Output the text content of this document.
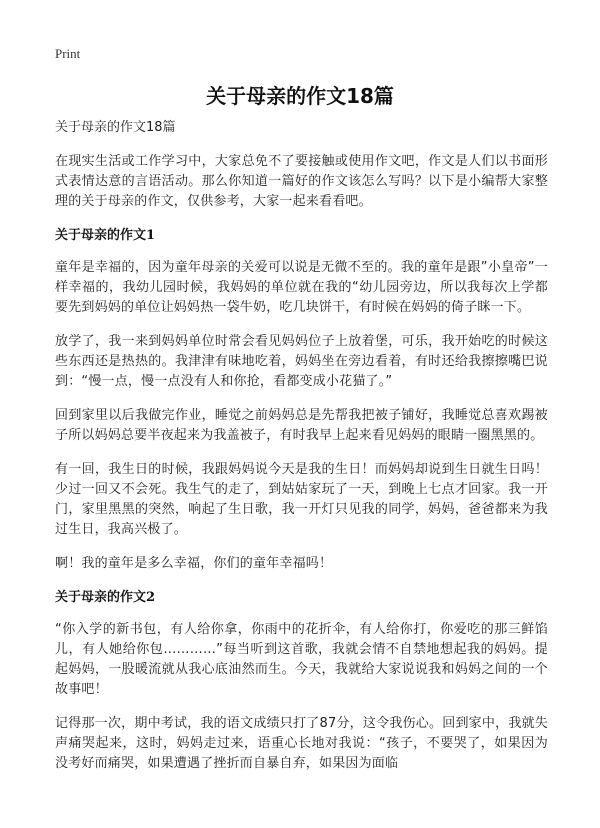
Print
关于母亲的作文18篇

关于母亲的作文18篇

在现实生活或工作学习中，大家总免不了要接触或使用作文吧，作文是人们以书面形式表情达意的言语活动。那么你知道一篇好的作文该怎么写吗？以下是小编帮大家整理的关于母亲的作文，仅供参考，大家一起来看看吧。

关于母亲的作文1

童年是幸福的，因为童年母亲的关爱可以说是无微不至的。我的童年是跟”小皇帝”一样幸福的，我幼儿园时候，我妈妈的单位就在我的“幼儿园旁边，所以我每次上学都要先到妈妈的单位让妈妈热一袋牛奶，吃几块饼干，有时候在妈妈的倚子眯一下。

放学了，我一来到妈妈单位时常会看见妈妈位子上放着堡，可乐，我开始吃的时候这些东西还是热热的。我津津有味地吃着，妈妈坐在旁边看着，有时还给我擦擦嘴巴说到：“慢一点，慢一点没有人和你抢，看都变成小花猫了。”

回到家里以后我做完作业，睡觉之前妈妈总是先帮我把被子铺好，我睡觉总喜欢踢被子所以妈妈总要半夜起来为我盖被子，有时我早上起来看见妈妈的眼睛一圈黑黑的。

有一回，我生日的时候，我跟妈妈说今天是我的生日！而妈妈却说到生日就生日吗！少过一回又不会死。我生气的走了，到姑姑家玩了一天，到晚上七点才回家。我一开门，家里黑黑的突然，响起了生日歌，我一开灯只见我的同学，妈妈，爸爸都来为我过生日，我高兴极了。

啊！我的童年是多么幸福，你们的童年幸福吗！

关于母亲的作文2

“你入学的新书包，有人给你拿，你雨中的花折伞，有人给你打，你爱吃的那三鲜馅儿，有人她给你包…………”每当听到这首歌，我就会情不自禁地想起我的妈妈。提起妈妈，一股暖流就从我心底油然而生。今天，我就给大家说说我和妈妈之间的一个故事吧！

记得那一次，期中考试，我的语文成绩只打了87分，这令我伤心。回到家中，我就失声痛哭起来，这时，妈妈走过来，语重心长地对我说：“孩子，不要哭了，如果因为没考好而痛哭，如果遭遇了挫折而自暴自弃，如果因为面临
